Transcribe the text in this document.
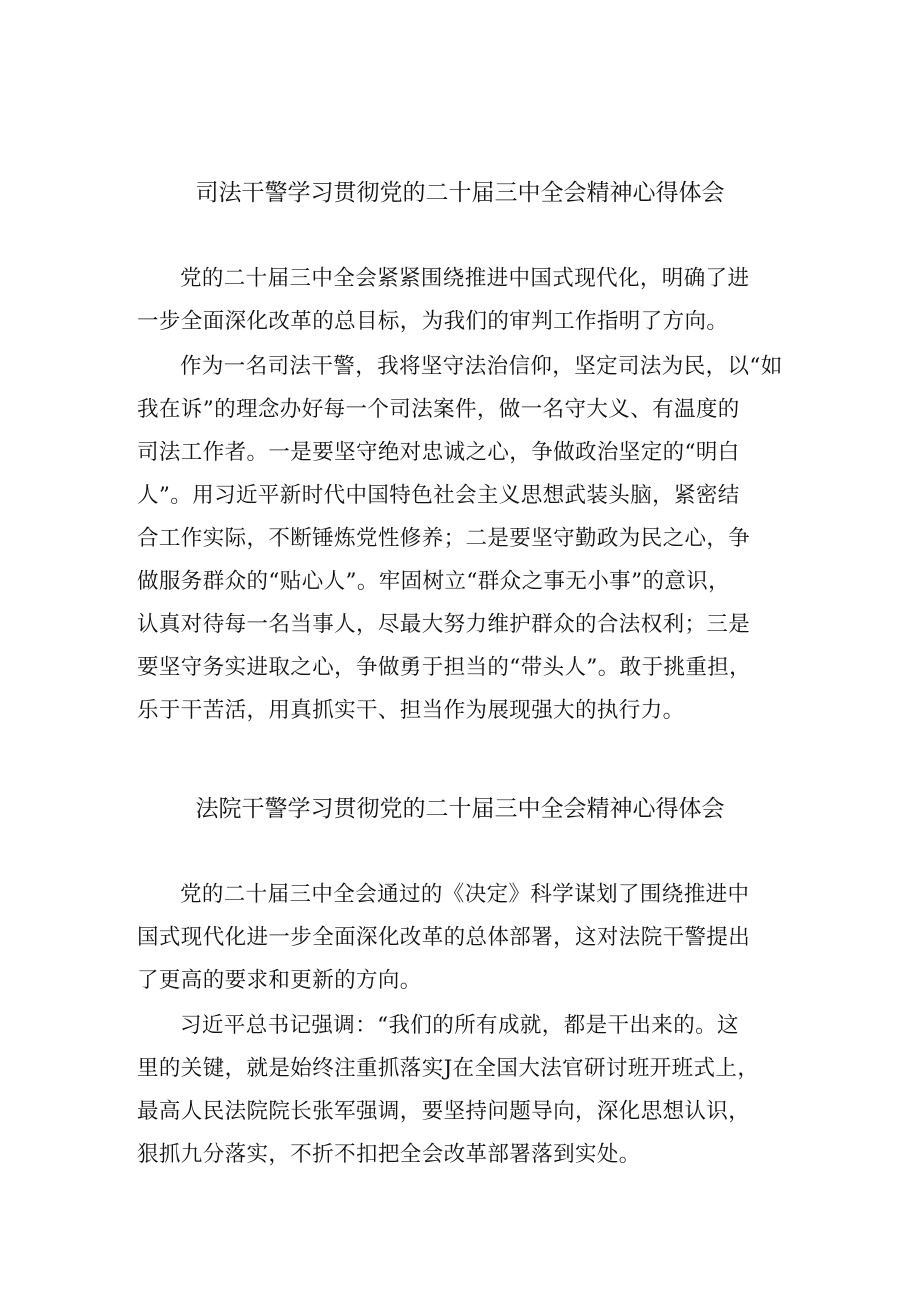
司法干警学习贯彻党的二十届三中全会精神心得体会

党的二十届三中全会紧紧围绕推进中国式现代化，明确了进
一步全面深化改革的总目标，为我们的审判工作指明了方向。

作为一名司法干警，我将坚守法治信仰，坚定司法为民，以“如
我在诉”的理念办好每一个司法案件，做一名守大义、有温度的
司法工作者。一是要坚守绝对忠诚之心，争做政治坚定的“明白
人”。用习近平新时代中国特色社会主义思想武装头脑，紧密结
合工作实际，不断锤炼党性修养；二是要坚守勤政为民之心，争
做服务群众的“贴心人”。牢固树立“群众之事无小事”的意识，
认真对待每一名当事人，尽最大努力维护群众的合法权利；三是
要坚守务实进取之心，争做勇于担当的“带头人”。敢于挑重担，
乐于干苦活，用真抓实干、担当作为展现强大的执行力。

法院干警学习贯彻党的二十届三中全会精神心得体会

党的二十届三中全会通过的《决定》科学谋划了围绕推进中
国式现代化进一步全面深化改革的总体部署，这对法院干警提出
了更高的要求和更新的方向。

习近平总书记强调：“我们的所有成就，都是干出来的。这
里的关键，就是始终注重抓落实J在全国大法官研讨班开班式上，
最高人民法院院长张军强调，要坚持问题导向，深化思想认识，
狠抓九分落实，不折不扣把全会改革部署落到实处。
